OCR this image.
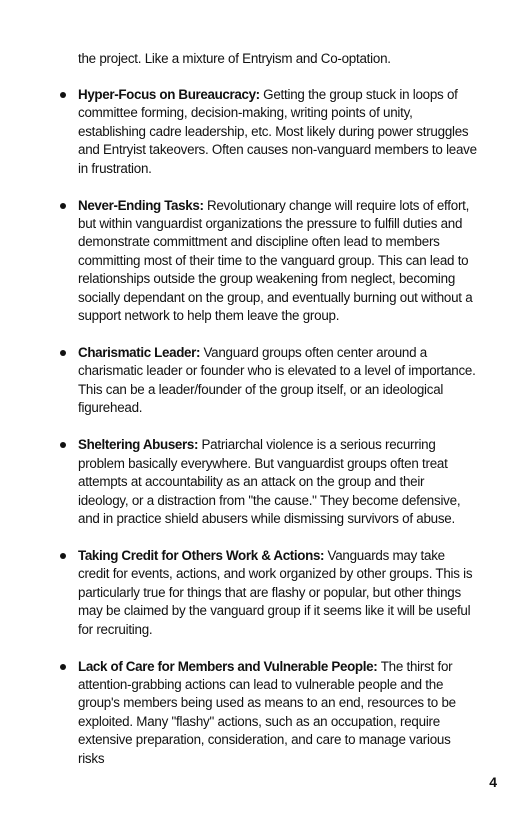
the project. Like a mixture of Entryism and Co-optation.

Hyper-Focus on Bureaucracy: Getting the group stuck in loops of committee forming, decision-making, writing points of unity, establishing cadre leadership, etc. Most likely during power struggles and Entryist takeovers. Often causes non-vanguard members to leave in frustration.
Never-Ending Tasks: Revolutionary change will require lots of effort, but within vanguardist organizations the pressure to fulfill duties and demonstrate committment and discipline often lead to members committing most of their time to the vanguard group. This can lead to relationships outside the group weakening from neglect, becoming socially dependant on the group, and eventually burning out without a support network to help them leave the group.
Charismatic Leader: Vanguard groups often center around a charismatic leader or founder who is elevated to a level of importance. This can be a leader/founder of the group itself, or an ideological figurehead.
Sheltering Abusers: Patriarchal violence is a serious recurring problem basically everywhere. But vanguardist groups often treat attempts at accountability as an attack on the group and their ideology, or a distraction from "the cause." They become defensive, and in practice shield abusers while dismissing survivors of abuse.
Taking Credit for Others Work & Actions: Vanguards may take credit for events, actions, and work organized by other groups. This is particularly true for things that are flashy or popular, but other things may be claimed by the vanguard group if it seems like it will be useful for recruiting.
Lack of Care for Members and Vulnerable People: The thirst for attention-grabbing actions can lead to vulnerable people and the group's members being used as means to an end, resources to be exploited. Many "flashy" actions, such as an occupation, require extensive preparation, consideration, and care to manage various risks
4
